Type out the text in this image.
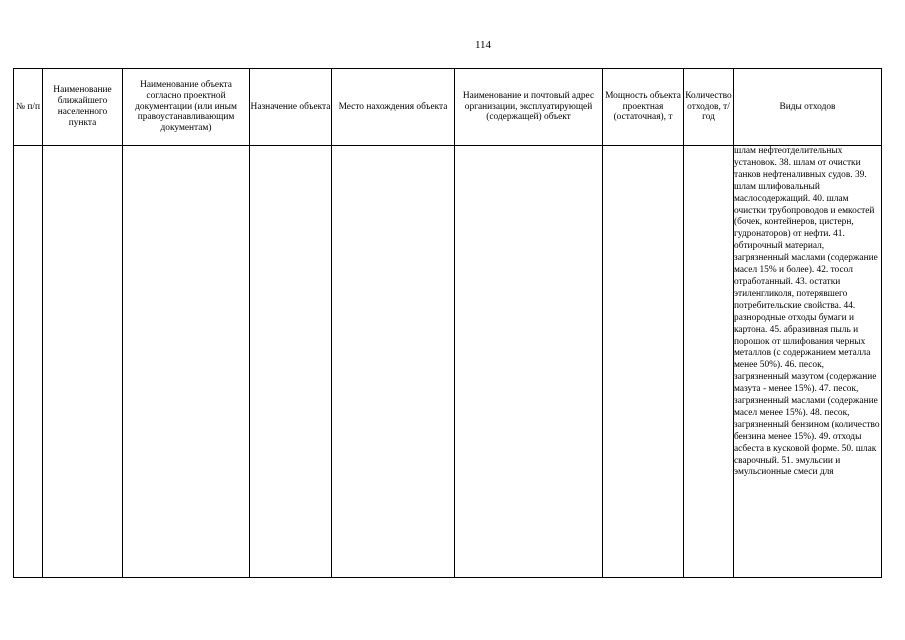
114
№ п/п	Наименование ближайшего населенного пункта	Наименование объекта согласно проектной документации (или иным правоустанавливающим документам)	Назначение объекта	Место нахождения объекта	Наименование и почтовый адрес организации, эксплуатирующей (содержащей) объект	Мощность объекта проектная (остаточная), т	Количество отходов, т/год	Виды отходов
								шлам нефтеотделительных установок. 38. шлам от очистки танков нефтеналивных судов. 39. шлам шлифовальный маслосодержащий. 40. шлам очистки трубопроводов и емкостей (бочек, контейнеров, цистерн, гудронаторов) от нефти. 41. обтирочный материал, загрязненный маслами (содержание масел 15% и более). 42. тосол отработанный. 43. остатки этиленгликоля, потерявшего потребительские свойства. 44. разнородные отходы бумаги и картона. 45. абразивная пыль и порошок от шлифования черных металлов (с содержанием металла менее 50%). 46. песок, загрязненный мазутом (содержание мазута - менее 15%). 47. песок, загрязненный маслами (содержание масел менее 15%). 48. песок, загрязненный бензином (количество бензина менее 15%). 49. отходы асбеста в кусковой форме. 50. шлак сварочный. 51. эмульсии и эмульсионные смеси для
